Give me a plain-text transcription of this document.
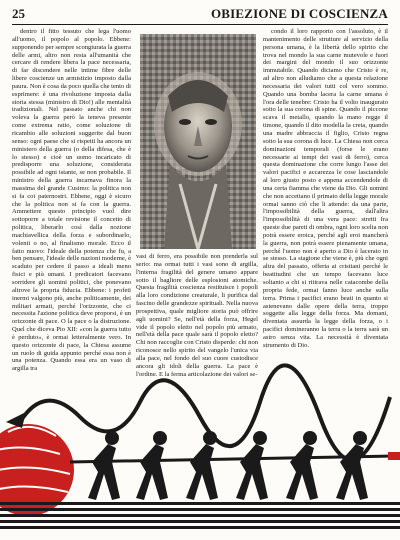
25	OBIEZIONE DI COSCIENZA

dentro il fitto tessuto che lega l'uomo all'uomo, il popolo al popolo. Ebbene: supponendo per sempre scongiurata la guerra delle armi, altro non resta all'umanità che cercare di rendere libera la pace necessaria, di far discendere nelle intime fibre delle libere coscienze un armistizio imposto dalla paura. Non è cosa da poco quella che tento di esprimere: è una rivoluzione imposta dalla storia stessa (ministro di Dio!) alle mentalità tradizionali. Nel passato anche chi non voleva la guerra però la teneva presente come extrema ratio, come soluzione di ricambio alle soluzioni suggerite dal buon senso: ogni paese che si rispetti ha ancora un ministero della guerra (o della difesa, che è lo stesso) e cioè un uomo incaricato di predisporre una soluzione, considerata possibile ad ogni istante, se non probabile. Il ministro della guerra incarnava finora la massima del grande Cusimo: la politica non si fa coi paternostri. Ebbene, oggi è sicuro che la politica non si fa con la guerra. Ammettere questo principio vuol dire sottoporre a totale revisione il concetto di politica, liberarlo così dalla nozione machiavellica della forza e subordinarlo, volenti o no, al finalismo morale. Ecco il fatto nuovo: l'ideale della potenza che fu, a ben pensare, l'ideale delle nazioni moderne, è scaduto per cedere il passo a ideali meno fisici e più umani. I predicatori facevano sorridere gli uomini politici, che ponevano altrove la propria fiducia. Ebbene: i profeti inermi valgono più, anche politicamente, dei militari armati, perché l'orizzonte, che ci necessita l'azione politica deve proporsi, è un orizzonte di pace. O la pace o la distruzione. Quel che diceva Pio XII: «con la guerra tutto è perduto», è ormai letteralmente vero. In questo orizzonte di pace, la Chiesa assume un ruolo di guida appunto perché essa non è una potenza. Quando essa era un vaso di argilla tra

vasi di ferro, era possibile non prenderla sul serio: ma ormai tutti i vasi sono di argilla, l'interna fragilità del genere umano appare sotto il bagliore delle esplosioni atomiche. Questa fragilità coscienza restituisce i popoli alla loro condizione creaturale, li purifica dal fascino delle grandezze spirituali. Nella nuova prospettiva, quale migliore storia può offrire agli uomini? Se, nell'età della forza, Hegel vide il popolo eletto nel popolo più armato, nell'età della pace quale sarà il popolo eletto? Chi non raccoglie con Cristo disperde: chi non riconosce nello spirito del vangelo l'unica via alla pace, nel fondo del suo cuore custodisce ancora gli idoli della guerra. La pace è l'ordine. E la ferma articolazione dei valori se-

condo il loro rapporto con l'assoluto, è il mantenimento delle strutture al servizio della persona umana, è la libertà dello spirito che trova nel mondo la sua carne mutevole e fuori dei margini del mondo il suo orizzonte immutabile. Quando diciamo che Cristo è re, ad altro non alludiamo che a questa relazione necessaria dei valori tutti col vero sommo. Quando una bomba lacera la carne umana è l'ora delle tenebre: Cristo ha il volto inaugurato sotto la sua corona di spine. Quando il piccone scava il metallo, quando la mano regge il timone, quando il dito modella la creta, quando una madre abbraccia il figlio, Cristo regna sotto la sua corona di luce. La Chiesa non cerca dominazioni temporali (forse le erano necessarie ai tempi dei vasi di ferro), cerca questa dominazione che corre lungo l'asse dei valori pacifici e accarezza le cose lasciandole al loro giusto posto e appena accendendole di una certa fiamma che viene da Dio. Gli uomini che non accettano il primato della legge morale ormai sanno ciò che li attende: da una parte, l'impossibilità della guerra, dall'altra l'impossibilità di una vera pace: stretti fra queste due pareti di ombra, ogni loro scelta non potrà essere eroica, perché agli eroi mancherà la guerra, non potrà essere pienamente umana, perché l'uomo non è aperto a Dio è lacerato in se stesso. La stagione che viene è, più che ogni altra del passato, offerta ai cristiani perché le beatitudini che un tempo facevano luce soltanto a chi si ritirava nelle catacombe della propria fede, ormai fanno luce anche sulla terra. Prima i pacifici erano beati in quanto si astenevano dalle opere della terra, troppo soggette alla legge della forza. Ma domani, diventata assurda la legge della forza, o i pacifici domineranno la terra o la terra sarà un astro senza vita. La necessità è diventata strumento di Dio.
